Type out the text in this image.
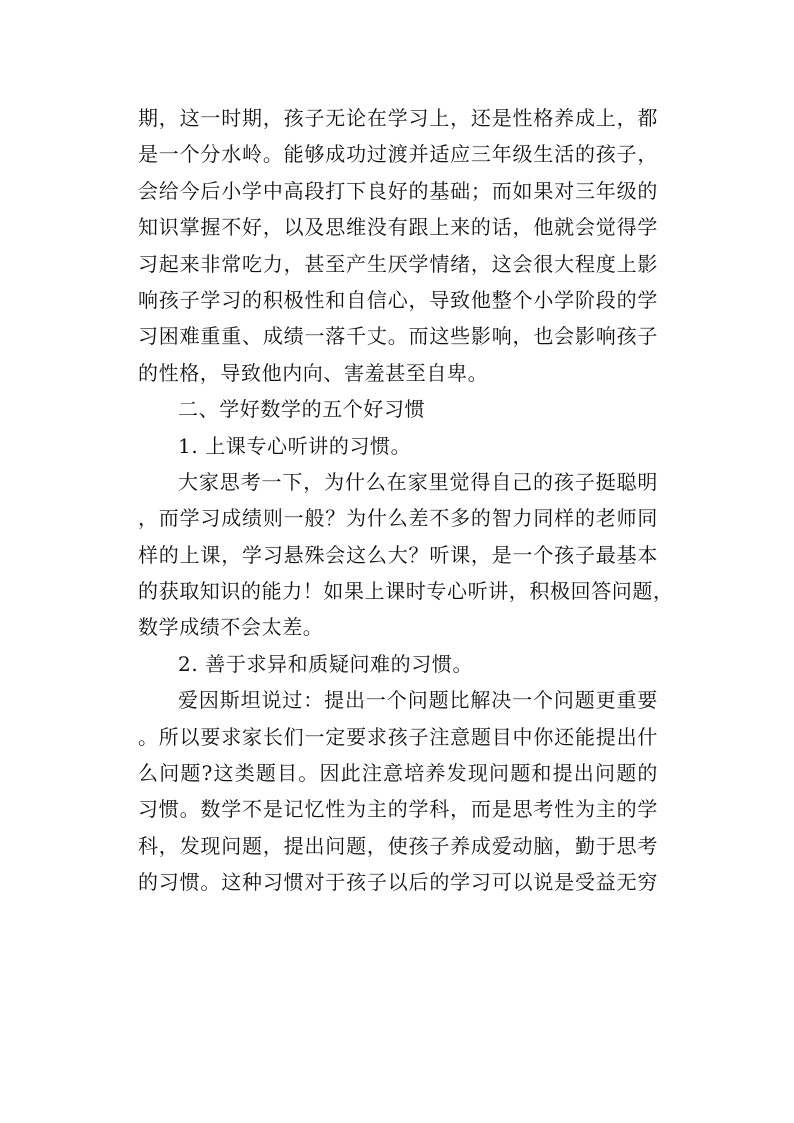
期，这一时期，孩子无论在学习上，还是性格养成上，都
是一个分水岭。能够成功过渡并适应三年级生活的孩子，
会给今后小学中高段打下良好的基础；而如果对三年级的
知识掌握不好，以及思维没有跟上来的话，他就会觉得学
习起来非常吃力，甚至产生厌学情绪，这会很大程度上影
响孩子学习的积极性和自信心，导致他整个小学阶段的学
习困难重重、成绩一落千丈。而这些影响，也会影响孩子
的性格，导致他内向、害羞甚至自卑。
二、学好数学的五个好习惯
1. 上课专心听讲的习惯。
大家思考一下，为什么在家里觉得自己的孩子挺聪明
，而学习成绩则一般？为什么差不多的智力同样的老师同
样的上课，学习悬殊会这么大？听课，是一个孩子最基本
的获取知识的能力！如果上课时专心听讲，积极回答问题，
数学成绩不会太差。
2. 善于求异和质疑问难的习惯。
爱因斯坦说过：提出一个问题比解决一个问题更重要
。所以要求家长们一定要求孩子注意题目中你还能提出什
么问题?这类题目。因此注意培养发现问题和提出问题的
习惯。数学不是记忆性为主的学科，而是思考性为主的学
科，发现问题，提出问题，使孩子养成爱动脑，勤于思考
的习惯。这种习惯对于孩子以后的学习可以说是受益无穷
